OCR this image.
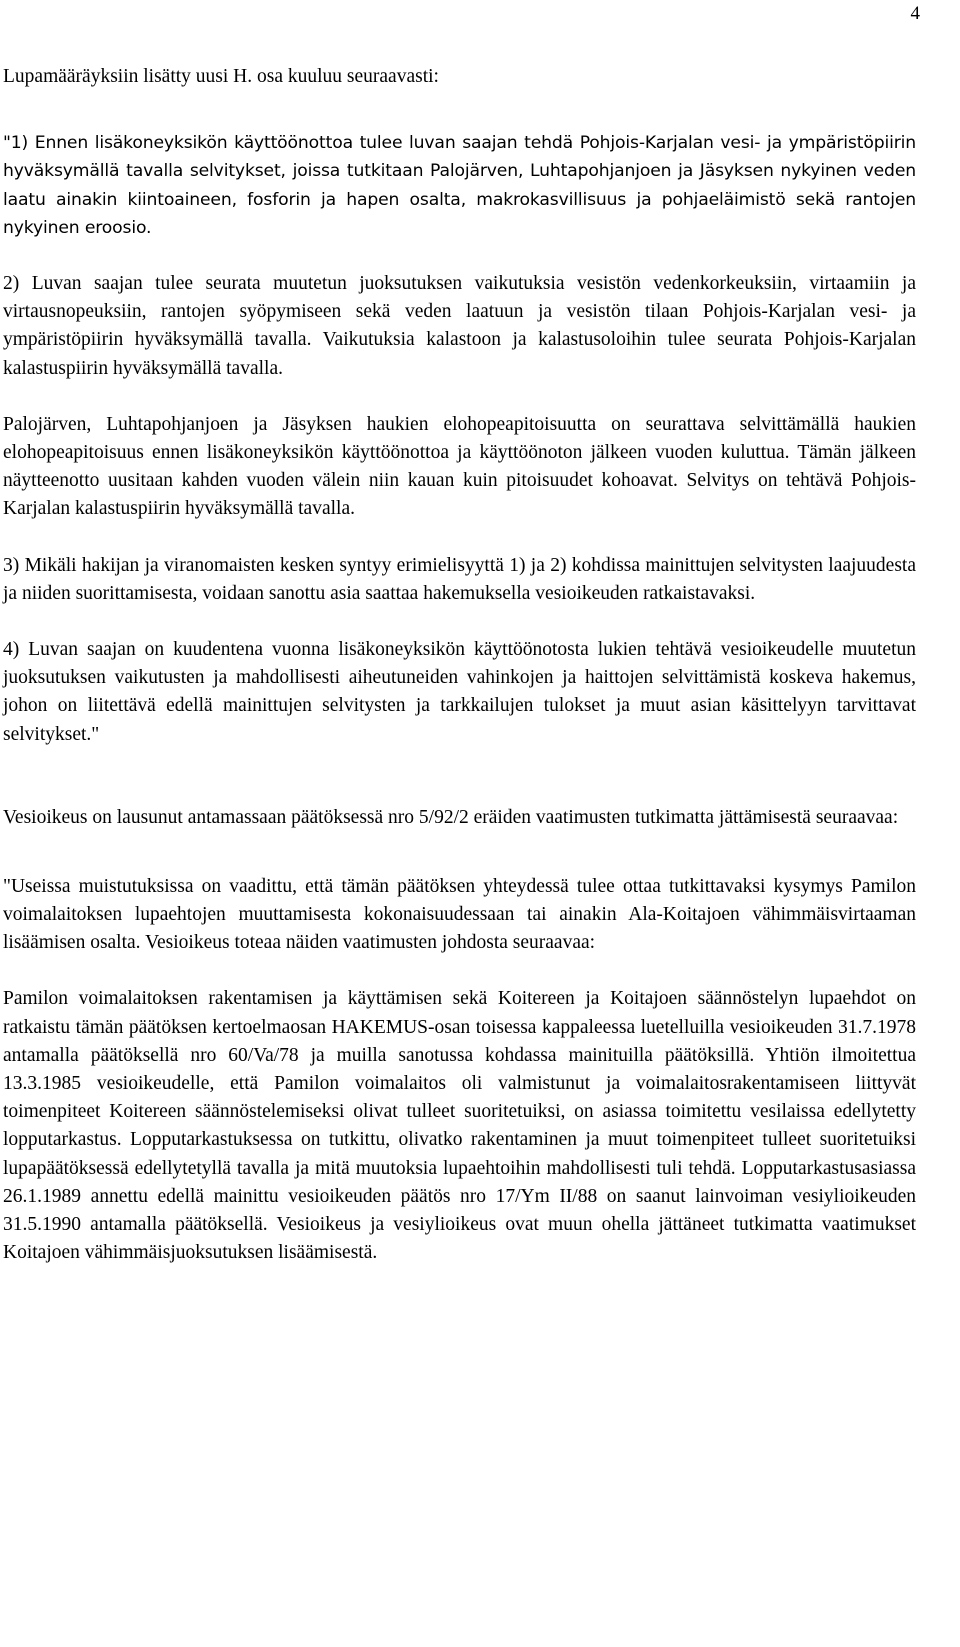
4

Lupamääräyksiin lisätty uusi H. osa kuuluu seuraavasti:

"1) Ennen lisäkoneyksikön käyttöönottoa tulee luvan saajan tehdä Pohjois-Karjalan vesi- ja ympäristöpiirin hyväksymällä tavalla selvitykset, joissa tutkitaan Palojärven, Luhtapohjanjoen ja Jäsyksen nykyinen veden laatu ainakin kiintoaineen, fosforin ja hapen osalta, makrokasvillisuus ja pohjaeläimistö sekä rantojen nykyinen eroosio.

2) Luvan saajan tulee seurata muutetun juoksutuksen vaikutuksia vesistön vedenkorkeuksiin, virtaamiin ja virtausnopeuksiin, rantojen syöpymiseen sekä veden laatuun ja vesistön tilaan Pohjois-Karjalan vesi- ja ympäristöpiirin hyväksymällä tavalla. Vaikutuksia kalastoon ja kalastusoloihin tulee seurata Pohjois-Karjalan kalastuspiirin hyväksymällä tavalla.

Palojärven, Luhtapohjanjoen ja Jäsyksen haukien elohopeapitoisuutta on seurattava selvittämällä haukien elohopeapitoisuus ennen lisäkoneyksikön käyttöönottoa ja käyttöönoton jälkeen vuoden kuluttua. Tämän jälkeen näytteenotto uusitaan kahden vuoden välein niin kauan kuin pitoisuudet kohoavat. Selvitys on tehtävä Pohjois-Karjalan kalastuspiirin hyväksymällä tavalla.

3) Mikäli hakijan ja viranomaisten kesken syntyy erimielisyyttä 1) ja 2) kohdissa mainittujen selvitysten laajuudesta ja niiden suorittamisesta, voidaan sanottu asia saattaa hakemuksella vesioikeuden ratkaistavaksi.

4) Luvan saajan on kuudentena vuonna lisäkoneyksikön käyttöönotosta lukien tehtävä vesioikeudelle muutetun juoksutuksen vaikutusten ja mahdollisesti aiheutuneiden vahinkojen ja haittojen selvittämistä koskeva hakemus, johon on liitettävä edellä mainittujen selvitysten ja tarkkailujen tulokset ja muut asian käsittelyyn tarvittavat selvitykset."

Vesioikeus on lausunut antamassaan päätöksessä nro 5/92/2 eräiden vaatimusten tutkimatta jättämisestä seuraavaa:

"Useissa muistutuksissa on vaadittu, että tämän päätöksen yhteydessä tulee ottaa tutkittavaksi kysymys Pamilon voimalaitoksen lupaehtojen muuttamisesta kokonaisuudessaan tai ainakin Ala-Koitajoen vähimmäisvirtaaman lisäämisen osalta. Vesioikeus toteaa näiden vaatimusten johdosta seuraavaa:

Pamilon voimalaitoksen rakentamisen ja käyttämisen sekä Koitereen ja Koitajoen säännöstelyn lupaehdot on ratkaistu tämän päätöksen kertoelmaosan HAKEMUS-osan toisessa kappaleessa luetelluilla vesioikeuden 31.7.1978 antamalla päätöksellä nro 60/Va/78 ja muilla sanotussa kohdassa mainituilla päätöksillä. Yhtiön ilmoitettua 13.3.1985 vesioikeudelle, että Pamilon voimalaitos oli valmistunut ja voimalaitosrakentamiseen liittyvät toimenpiteet Koitereen säännöstelemiseksi olivat tulleet suoritetuiksi, on asiassa toimitettu vesilaissa edellytetty lopputarkastus. Lopputarkastuksessa on tutkittu, olivatko rakentaminen ja muut toimenpiteet tulleet suoritetuiksi lupapäätöksessä edellytetyllä tavalla ja mitä muutoksia lupaehtoihin mahdollisesti tuli tehdä. Lopputarkastusasiassa 26.1.1989 annettu edellä mainittu vesioikeuden päätös nro 17/Ym II/88 on saanut lainvoiman vesiylioikeuden 31.5.1990 antamalla päätöksellä. Vesioikeus ja vesiylioikeus ovat muun ohella jättäneet tutkimatta vaatimukset Koitajoen vähimmäisjuoksutuksen lisäämisestä.
